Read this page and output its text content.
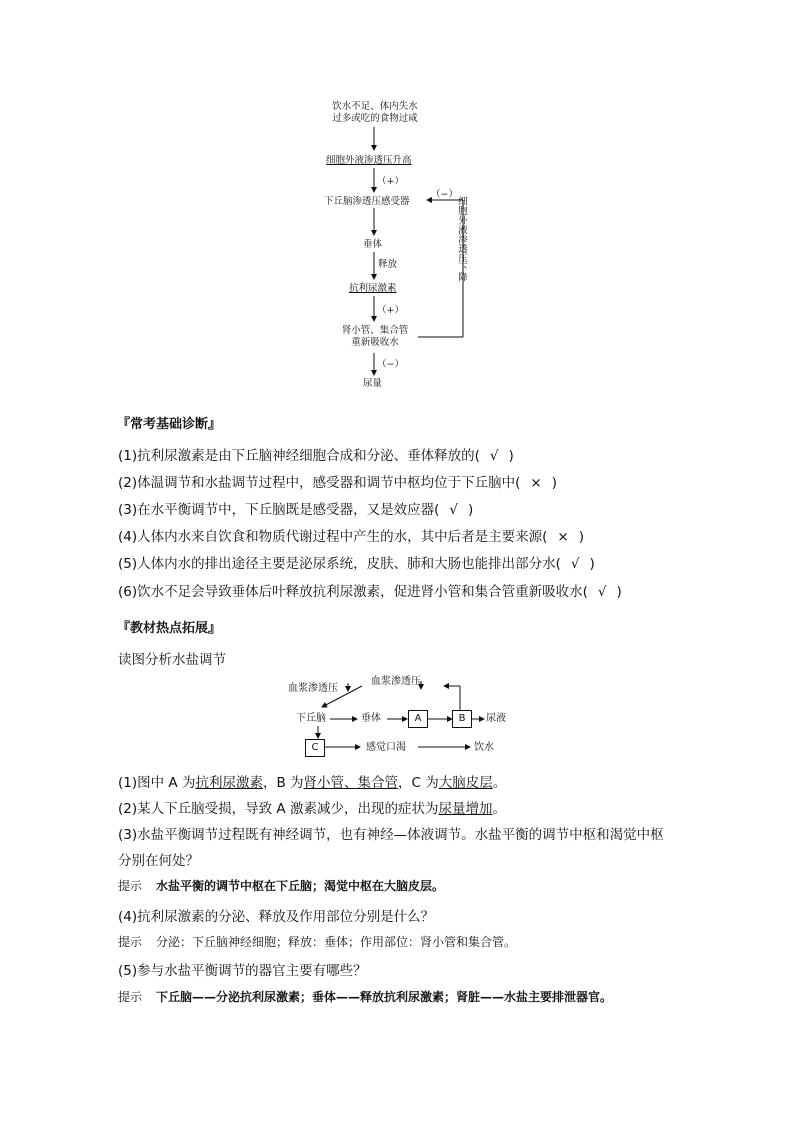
饮水不足、体内失水
过多或吃的食物过咸
细胞外液渗透压升高
（+）
下丘脑渗透压感受器
（−）
垂体
释放
抗利尿激素
（+）
肾小管、集合管
重新吸收水
（−）
尿量
细胞外液渗透压下降
『常考基础诊断』
(1)抗利尿激素是由下丘脑神经细胞合成和分泌、垂体释放的( √ )
(2)体温调节和水盐调节过程中，感受器和调节中枢均位于下丘脑中( × )
(3)在水平衡调节中，下丘脑既是感受器，又是效应器( √ )
(4)人体内水来自饮食和物质代谢过程中产生的水，其中后者是主要来源( × )
(5)人体内水的排出途径主要是泌尿系统，皮肤、肺和大肠也能排出部分水( √ )
(6)饮水不足会导致垂体后叶释放抗利尿激素，促进肾小管和集合管重新吸收水( √ )
『教材热点拓展』
读图分析水盐调节
血浆渗透压
血浆渗透压
下丘脑	垂体	A	B	尿液
C	感觉口渴	饮水
(1)图中 A 为抗利尿激素，B 为肾小管、集合管，C 为大脑皮层。
(2)某人下丘脑受损，导致 A 激素减少，出现的症状为尿量增加。
(3)水盐平衡调节过程既有神经调节，也有神经—体液调节。水盐平衡的调节中枢和渴觉中枢
分别在何处？
提示 水盐平衡的调节中枢在下丘脑；渴觉中枢在大脑皮层。
(4)抗利尿激素的分泌、释放及作用部位分别是什么？
提示 分泌：下丘脑神经细胞；释放：垂体；作用部位：肾小管和集合管。
(5)参与水盐平衡调节的器官主要有哪些？
提示 下丘脑——分泌抗利尿激素；垂体——释放抗利尿激素；肾脏——水盐主要排泄器官。
